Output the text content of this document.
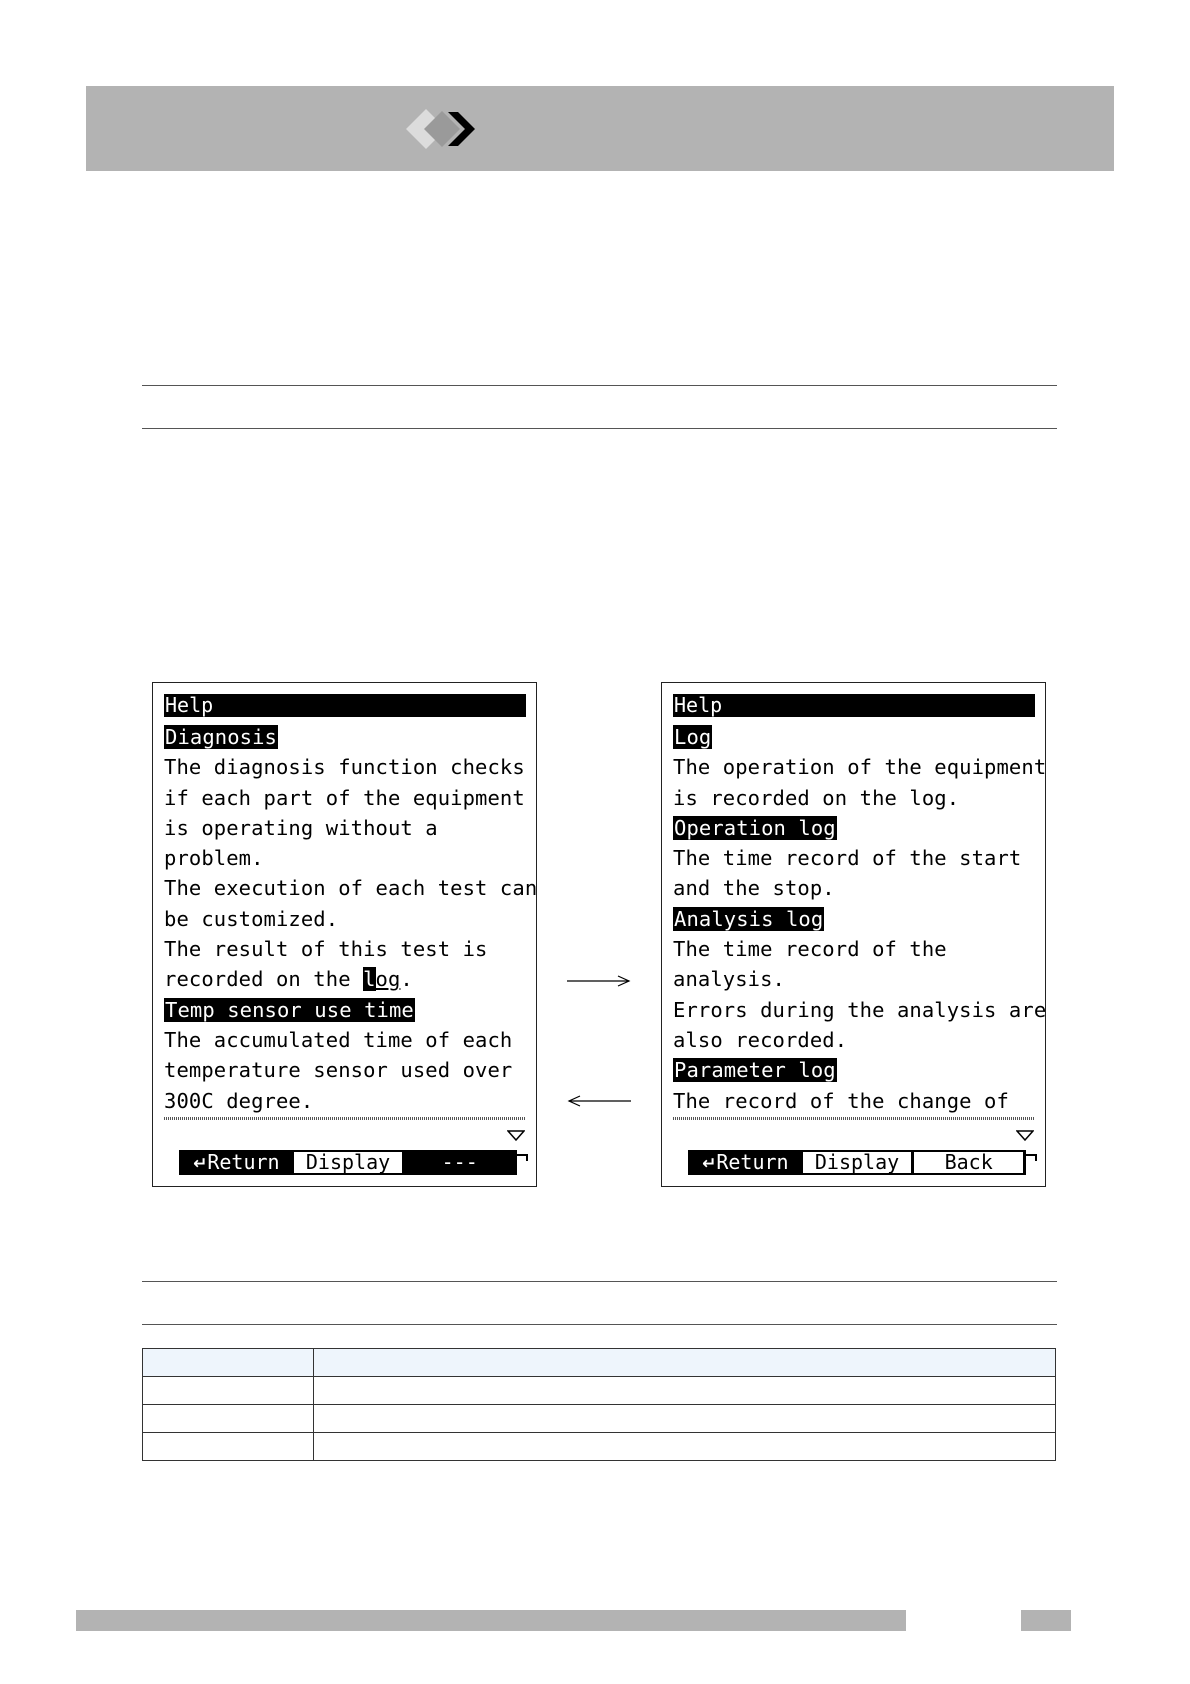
Help
Diagnosis
The diagnosis function checks
if each part of the equipment
is operating without a
problem.
The execution of each test can
be customized.
The result of this test is
recorded on the log.
Temp sensor use time
The accumulated time of each
temperature sensor used over
300C degree.
↵Return	Display	---
Help
Log
The operation of the equipment
is recorded on the log.
Operation log
The time record of the start
and the stop.
Analysis log
The time record of the
analysis.
Errors during the analysis are
also recorded.
Parameter log
The record of the change of
↵Return	Display	Back
